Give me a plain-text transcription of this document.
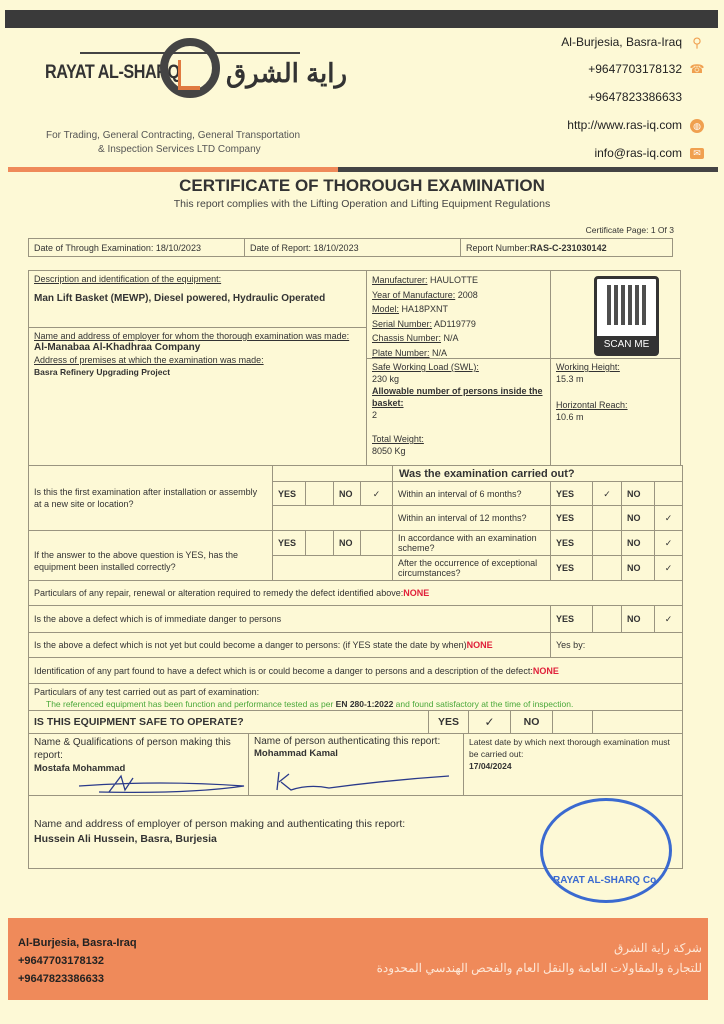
RAYAT AL-SHARQ راية الشرق
For Trading, General Contracting, General Transportation
& Inspection Services LTD Company
Al-Burjesia, Basra-Iraq ⚲
+9647703178132 ☎
+9647823386633
http://www.ras-iq.com	◍
info@ras-iq.com	✉
CERTIFICATE OF THOROUGH EXAMINATION
This report complies with the Lifting Operation and Lifting Equipment Regulations
Certificate Page: 1 Of 3
Date of Through Examination: 18/10/2023	Date of Report: 18/10/2023	Report Number: RAS-C-231030142
Description and identification of the equipment:
Man Lift Basket (MEWP), Diesel powered, Hydraulic Operated
Name and address of employer for whom the thorough examination was made:
Al-Manabaa Al-Khadhraa Company
Address of premises at which the examination was made:
Basra Refinery Upgrading Project
Manufacturer: HAULOTTE
Year of Manufacture: 2008
Model: HA18PXNT
Serial Number: AD119779
Chassis Number: N/A
Plate Number: N/A
SCAN ME
Safe Working Load (SWL):
230 kg
Allowable number of persons inside the basket:
2
Total Weight:
8050 Kg
Working Height:
15.3 m
Horizontal Reach:
10.6 m
Is this the first examination after installation or assembly at a new site or location?
If the answer to the above question is YES, has the equipment been installed correctly?
YES	NO	✓
YES	NO
Was the examination carried out?
Within an interval of 6 months?	YES	✓	NO
Within an interval of 12 months?	YES	NO	✓
In accordance with an examination scheme?	YES	NO	✓
After the occurrence of exceptional circumstances?	YES	NO	✓
Particulars of any repair, renewal or alteration required to remedy the defect identified above: NONE
Is the above a defect which is of immediate danger to persons	YES	NO	✓
Is the above a defect which is not yet but could become a danger to persons: (if YES state the date by when) NONE	Yes by:
Identification of any part found to have a defect which is or could become a danger to persons and a description of the defect: NONE
Particulars of any test carried out as part of examination:
The referenced equipment has been function and performance tested as per EN 280-1:2022 and found satisfactory at the time of inspection.
IS THIS EQUIPMENT SAFE TO OPERATE?	YES	✓	NO
Name & Qualifications of person making this report:
Mostafa Mohammad
Name of person authenticating this report:
Mohammad Kamal
Latest date by which next thorough examination must be carried out:
17/04/2024
Name and address of employer of person making and authenticating this report:
Hussein Ali Hussein, Basra, Burjesia
RAYAT AL-SHARQ Co.
Al-Burjesia, Basra-Iraq
+9647703178132
+9647823386633
شركة راية الشرق
للتجارة والمقاولات العامة والنقل العام والفحص الهندسي المحدودة
